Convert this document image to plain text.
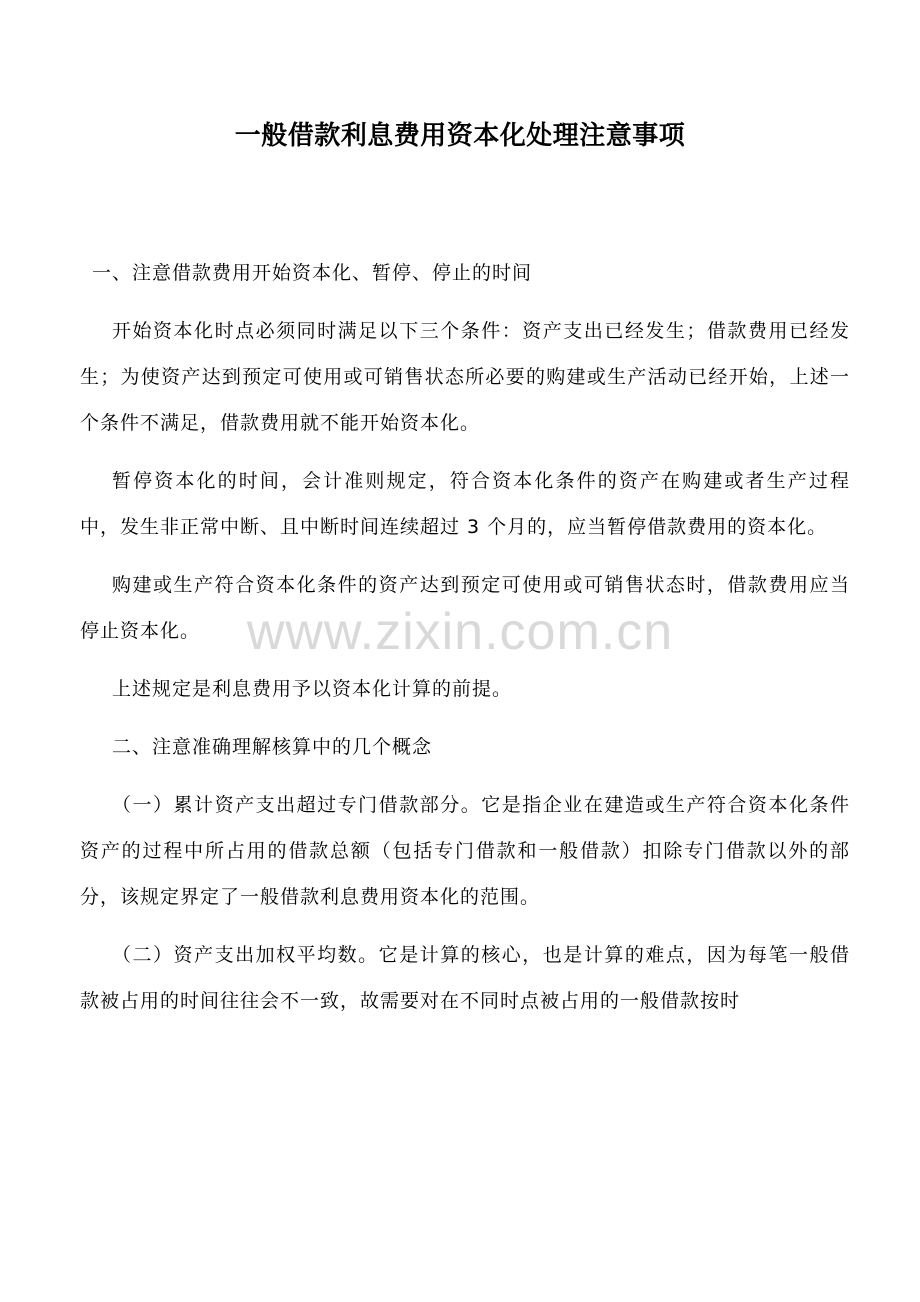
一般借款利息费用资本化处理注意事项
www.zixin.com.cn

一、注意借款费用开始资本化、暂停、停止的时间

开始资本化时点必须同时满足以下三个条件：资产支出已经发生；借款费用已经发生；为使资产达到预定可使用或可销售状态所必要的购建或生产活动已经开始，上述一个条件不满足，借款费用就不能开始资本化。

暂停资本化的时间，会计准则规定，符合资本化条件的资产在购建或者生产过程中，发生非正常中断、且中断时间连续超过 3 个月的，应当暂停借款费用的资本化。

购建或生产符合资本化条件的资产达到预定可使用或可销售状态时，借款费用应当停止资本化。

上述规定是利息费用予以资本化计算的前提。

二、注意准确理解核算中的几个概念

（一）累计资产支出超过专门借款部分。它是指企业在建造或生产符合资本化条件资产的过程中所占用的借款总额（包括专门借款和一般借款）扣除专门借款以外的部分，该规定界定了一般借款利息费用资本化的范围。

（二）资产支出加权平均数。它是计算的核心，也是计算的难点，因为每笔一般借款被占用的时间往往会不一致，故需要对在不同时点被占用的一般借款按时
